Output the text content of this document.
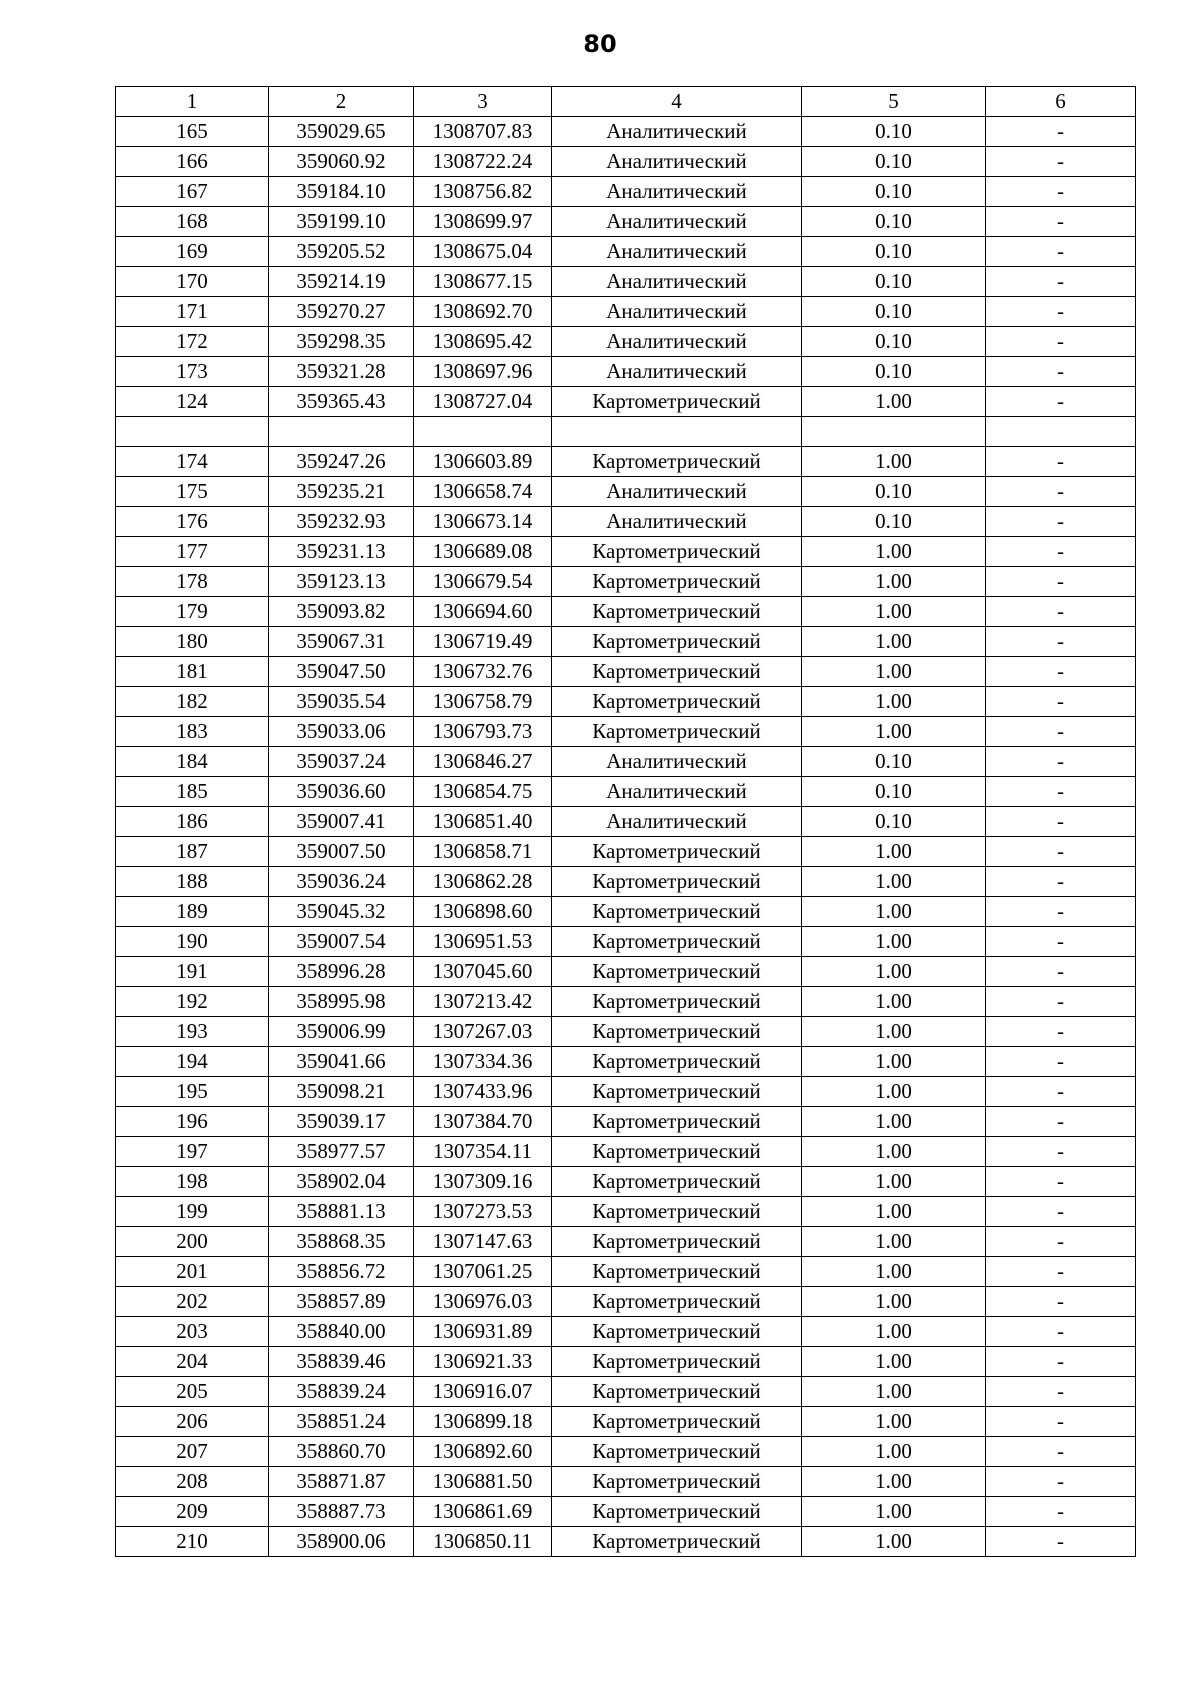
80
1	2	3	4	5	6
165	359029.65	1308707.83	Аналитический	0.10	-
166	359060.92	1308722.24	Аналитический	0.10	-
167	359184.10	1308756.82	Аналитический	0.10	-
168	359199.10	1308699.97	Аналитический	0.10	-
169	359205.52	1308675.04	Аналитический	0.10	-
170	359214.19	1308677.15	Аналитический	0.10	-
171	359270.27	1308692.70	Аналитический	0.10	-
172	359298.35	1308695.42	Аналитический	0.10	-
173	359321.28	1308697.96	Аналитический	0.10	-
124	359365.43	1308727.04	Картометрический	1.00	-

174	359247.26	1306603.89	Картометрический	1.00	-
175	359235.21	1306658.74	Аналитический	0.10	-
176	359232.93	1306673.14	Аналитический	0.10	-
177	359231.13	1306689.08	Картометрический	1.00	-
178	359123.13	1306679.54	Картометрический	1.00	-
179	359093.82	1306694.60	Картометрический	1.00	-
180	359067.31	1306719.49	Картометрический	1.00	-
181	359047.50	1306732.76	Картометрический	1.00	-
182	359035.54	1306758.79	Картометрический	1.00	-
183	359033.06	1306793.73	Картометрический	1.00	-
184	359037.24	1306846.27	Аналитический	0.10	-
185	359036.60	1306854.75	Аналитический	0.10	-
186	359007.41	1306851.40	Аналитический	0.10	-
187	359007.50	1306858.71	Картометрический	1.00	-
188	359036.24	1306862.28	Картометрический	1.00	-
189	359045.32	1306898.60	Картометрический	1.00	-
190	359007.54	1306951.53	Картометрический	1.00	-
191	358996.28	1307045.60	Картометрический	1.00	-
192	358995.98	1307213.42	Картометрический	1.00	-
193	359006.99	1307267.03	Картометрический	1.00	-
194	359041.66	1307334.36	Картометрический	1.00	-
195	359098.21	1307433.96	Картометрический	1.00	-
196	359039.17	1307384.70	Картометрический	1.00	-
197	358977.57	1307354.11	Картометрический	1.00	-
198	358902.04	1307309.16	Картометрический	1.00	-
199	358881.13	1307273.53	Картометрический	1.00	-
200	358868.35	1307147.63	Картометрический	1.00	-
201	358856.72	1307061.25	Картометрический	1.00	-
202	358857.89	1306976.03	Картометрический	1.00	-
203	358840.00	1306931.89	Картометрический	1.00	-
204	358839.46	1306921.33	Картометрический	1.00	-
205	358839.24	1306916.07	Картометрический	1.00	-
206	358851.24	1306899.18	Картометрический	1.00	-
207	358860.70	1306892.60	Картометрический	1.00	-
208	358871.87	1306881.50	Картометрический	1.00	-
209	358887.73	1306861.69	Картометрический	1.00	-
210	358900.06	1306850.11	Картометрический	1.00	-
